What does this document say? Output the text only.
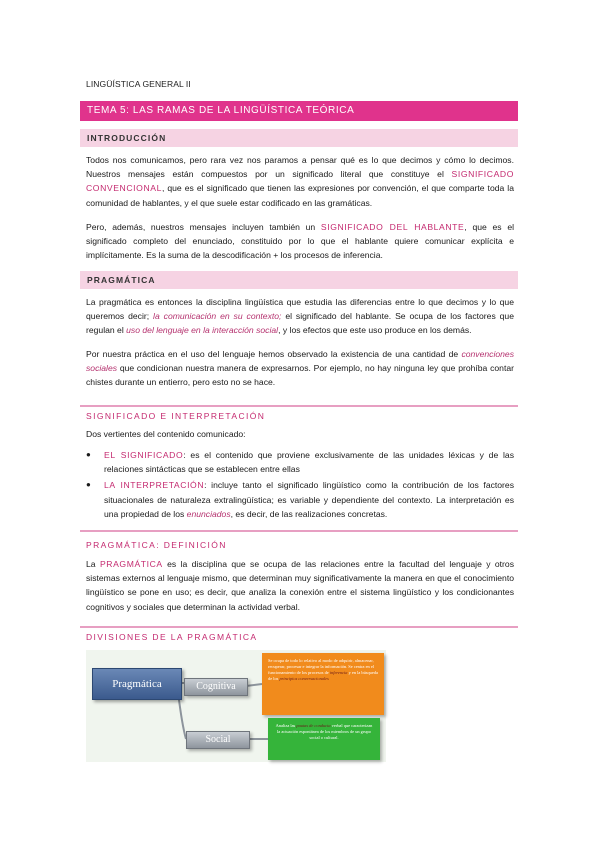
LINGÜÍSTICA GENERAL II
TEMA 5: LAS RAMAS DE LA LINGÜÍSTICA TEÓRICA
INTRODUCCIÓN
Todos nos comunicamos, pero rara vez nos paramos a pensar qué es lo que decimos y cómo lo decimos. Nuestros mensajes están compuestos por un significado literal que constituye el SIGNIFICADO CONVENCIONAL, que es el significado que tienen las expresiones por convención, el que comparte toda la comunidad de hablantes, y el que suele estar codificado en las gramáticas.
Pero, además, nuestros mensajes incluyen también un SIGNIFICADO DEL HABLANTE, que es el significado completo del enunciado, constituido por lo que el hablante quiere comunicar explícita e implícitamente. Es la suma de la descodificación + los procesos de inferencia.
PRAGMÁTICA
La pragmática es entonces la disciplina lingüística que estudia las diferencias entre lo que decimos y lo que queremos decir; la comunicación en su contexto; el significado del hablante. Se ocupa de los factores que regulan el uso del lenguaje en la interacción social, y los efectos que este uso produce en los demás.
Por nuestra práctica en el uso del lenguaje hemos observado la existencia de una cantidad de convenciones sociales que condicionan nuestra manera de expresarnos. Por ejemplo, no hay ninguna ley que prohíba contar chistes durante un entierro, pero esto no se hace.
SIGNIFICADO E INTERPRETACIÓN
Dos vertientes del contenido comunicado:
● EL SIGNIFICADO: es el contenido que proviene exclusivamente de las unidades léxicas y de las relaciones sintácticas que se establecen entre ellas
● LA INTERPRETACIÓN: incluye tanto el significado lingüístico como la contribución de los factores situacionales de naturaleza extralingüística; es variable y dependiente del contexto. La interpretación es una propiedad de los enunciados, es decir, de las realizaciones concretas.
PRAGMÁTICA: DEFINICIÓN
La PRAGMÁTICA es la disciplina que se ocupa de las relaciones entre la facultad del lenguaje y otros sistemas externos al lenguaje mismo, que determinan muy significativamente la manera en que el conocimiento lingüístico se pone en uso; es decir, que analiza la conexión entre el sistema lingüístico y los condicionantes cognitivos y sociales que determinan la actividad verbal.
DIVISIONES DE LA PRAGMÁTICA
Pragmática	Cognitiva
Social
Se ocupa de todo lo relativo al modo de adquirir, almacenar, recuperar, procesar e integrar la información. Se centra en el funcionamiento de los procesos de inferencia y en la búsqueda de los principios conversacionales
Analiza las pautas de conducta verbal que caracterizan la actuación espontánea de los miembros de un grupo social o cultural.
